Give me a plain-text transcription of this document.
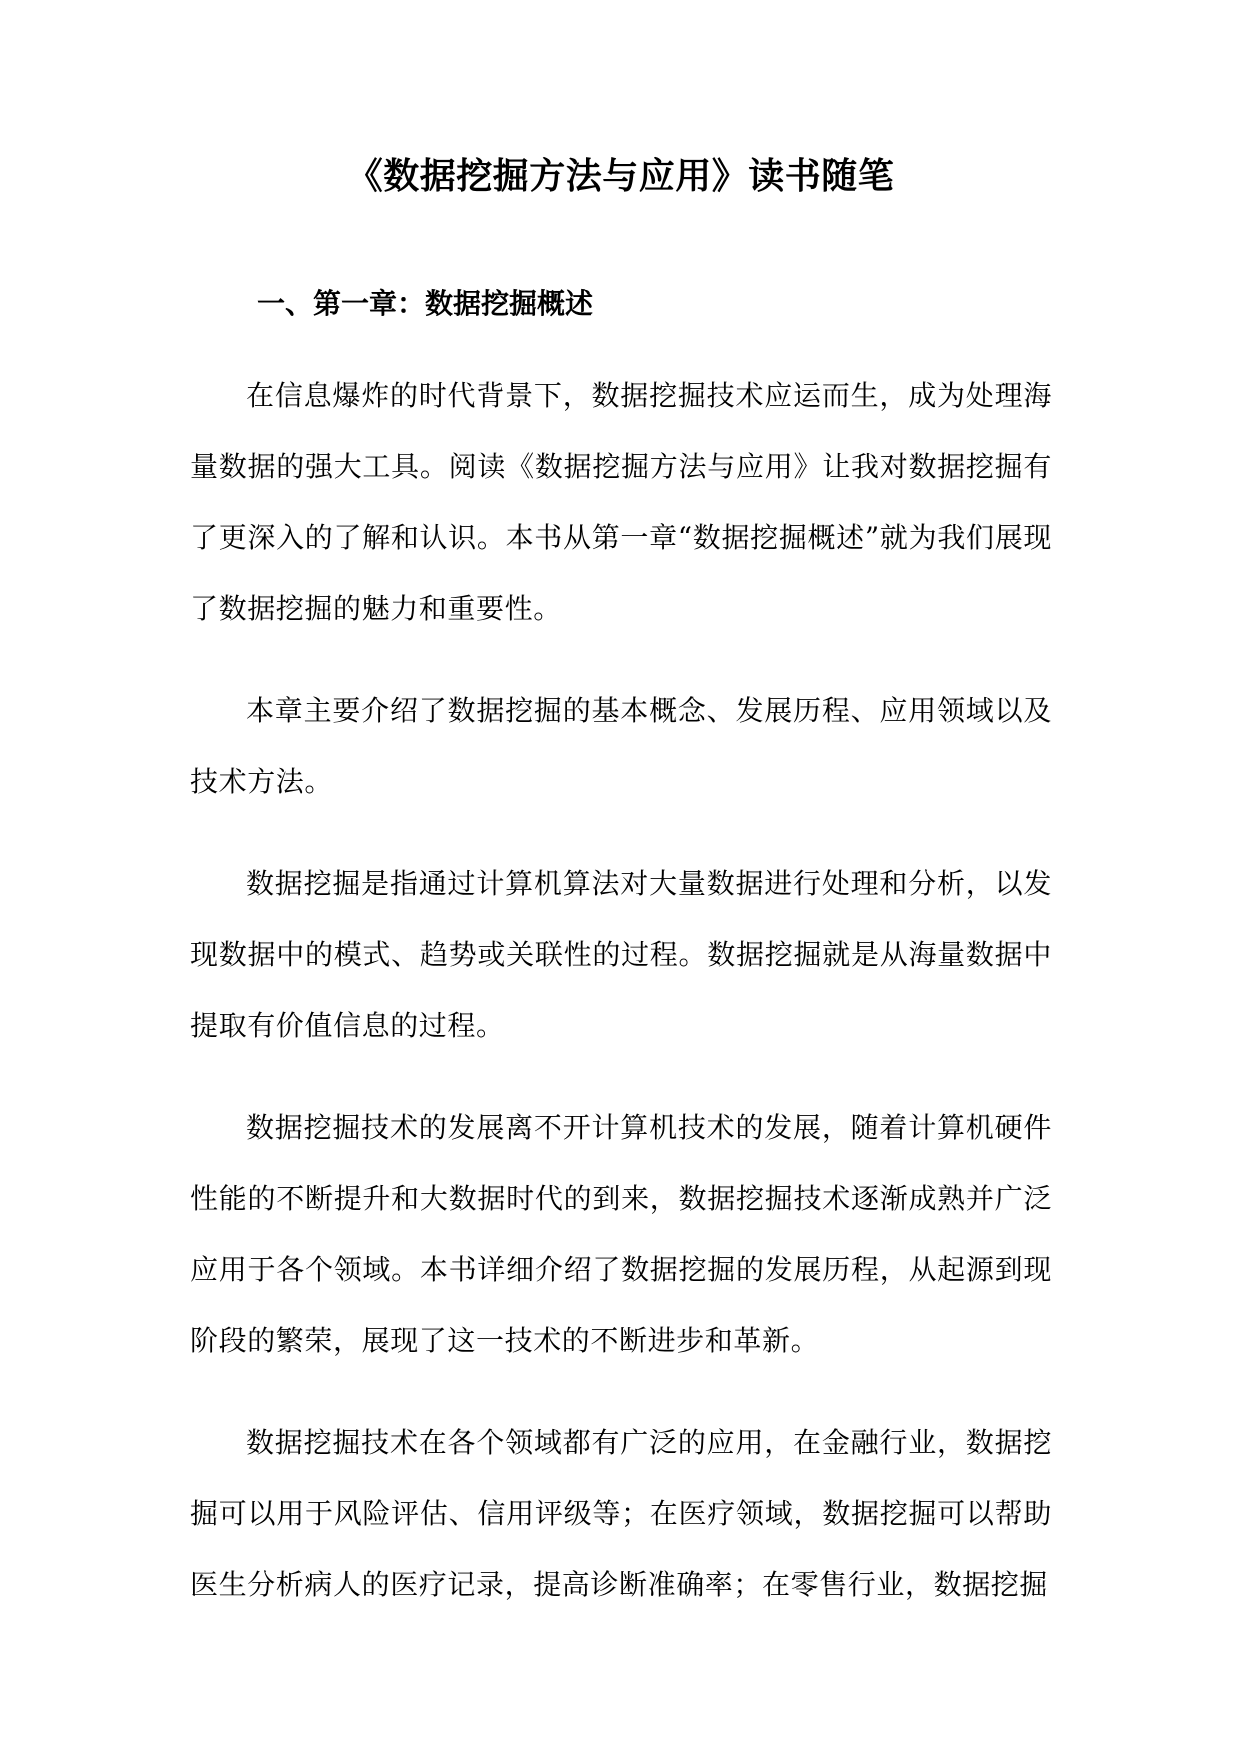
《数据挖掘方法与应用》读书随笔
一、第一章：数据挖掘概述

在信息爆炸的时代背景下，数据挖掘技术应运而生，成为处理海量数据的强大工具。阅读《数据挖掘方法与应用》让我对数据挖掘有了更深入的了解和认识。本书从第一章“数据挖掘概述”就为我们展现了数据挖掘的魅力和重要性。

本章主要介绍了数据挖掘的基本概念、发展历程、应用领域以及技术方法。

数据挖掘是指通过计算机算法对大量数据进行处理和分析，以发现数据中的模式、趋势或关联性的过程。数据挖掘就是从海量数据中提取有价值信息的过程。

数据挖掘技术的发展离不开计算机技术的发展，随着计算机硬件性能的不断提升和大数据时代的到来，数据挖掘技术逐渐成熟并广泛应用于各个领域。本书详细介绍了数据挖掘的发展历程，从起源到现阶段的繁荣，展现了这一技术的不断进步和革新。

数据挖掘技术在各个领域都有广泛的应用，在金融行业，数据挖掘可以用于风险评估、信用评级等；在医疗领域，数据挖掘可以帮助医生分析病人的医疗记录，提高诊断准确率；在零售行业，数据挖掘
